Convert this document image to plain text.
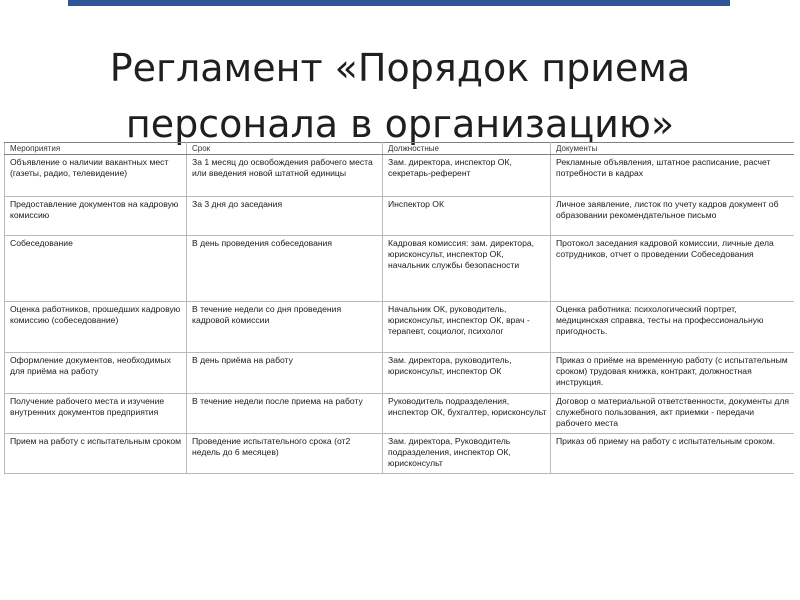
Регламент «Порядок приема персонала в организацию»
Мероприятия	Срок	Должностные	Документы
Объявление о наличии вакантных мест (газеты, радио, телевидение)	За 1 месяц до освобождения рабочего места или введения новой штатной единицы	Зам. директора, инспектор ОК, секретарь-референт	Рекламные объявления, штатное расписание, расчет потребности в кадрах
Предоставление документов на кадровую комиссию	За 3 дня до заседания	Инспектор ОК	Личное заявление, листок по учету кадров документ об образовании рекомендательное письмо
Собеседование	В день проведения собеседования	Кадровая комиссия: зам. директора, юрисконсульт, инспектор ОК, начальник службы безопасности	Протокол заседания кадровой комиссии, личные дела сотрудников, отчет о проведении Собеседования
Оценка работников, прошедших кадровую комиссию (собеседование)	В течение недели со дня проведения кадровой комиссии	Начальник ОК, руководитель, юрисконсульт, инспектор ОК, врач - терапевт, социолог, психолог	Оценка работника: психологический портрет, медицинская справка, тесты на профессиональную пригодность.
Оформление документов, необходимых для приёма на работу	В день приёма на работу	Зам. директора, руководитель, юрисконсульт, инспектор ОК	Приказ о приёме на временную работу (с испытательным сроком) трудовая книжка, контракт, должностная инструкция.
Получение рабочего места и изучение внутренних документов предприятия	В течение недели после приема на работу	Руководитель подразделения, инспектор ОК, бухгалтер, юрисконсульт	Договор о материальной ответственности, документы для служебного пользования, акт приемки - передачи рабочего места
Прием на работу с испытательным сроком	Проведение испытательного срока (от2 недель до 6 месяцев)	Зам. директора, Руководитель подразделения, инспектор ОК, юрисконсульт	Приказ об приему на работу с испытательным сроком.
